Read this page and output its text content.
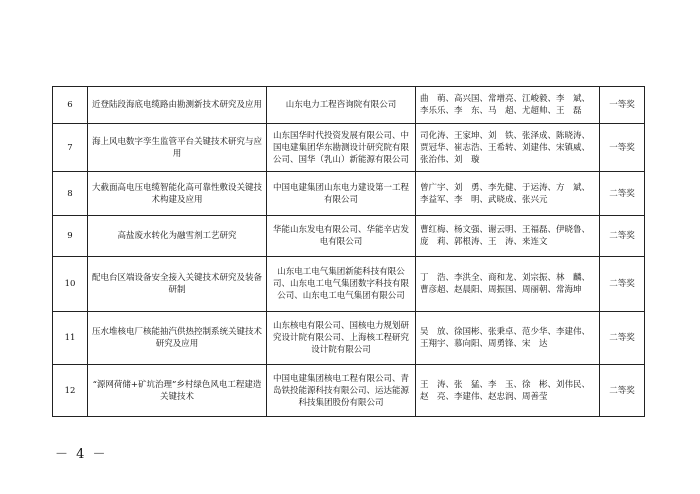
6	近登陆段海底电缆路由勘测新技术研究及应用	山东电力工程咨询院有限公司	曲　萌、高兴国、常增亮、江峻毅、李　斌、李乐乐、李　东、马　超、尤超帅、王　磊	一等奖
7	海上风电数字孪生监管平台关键技术研究与应用	山东国华时代投资发展有限公司、中国电建集团华东勘测设计研究院有限公司、国华（乳山）新能源有限公司	司化涛、王家坤、刘　铁、张泽成、陈晓涛、贾冠华、崔志浩、王希转、刘建伟、宋镇威、张治伟、刘　璇	一等奖
8	大截面高电压电缆智能化高可靠性敷设关键技术构建及应用	中国电建集团山东电力建设第一工程有限公司	曾广宇、刘　勇、李先健、于运涛、方　斌、李益军、李　明、武晓成、张兴元	二等奖
9	高盐废水转化为融雪剂工艺研究	华能山东发电有限公司、华能辛店发电有限公司	曹红梅、杨文强、谢云明、王福磊、伊晓鲁、庞　莉、郭根涛、王　涛、来连文	二等奖
10	配电台区端设备安全接入关键技术研究及装备研制	山东电工电气集团新能科技有限公司、山东电工电气集团数字科技有限公司、山东电工电气集团有限公司	丁　浩、李洪全、商和龙、刘宗振、林　麟、曹彦超、赵晨阳、周振国、周丽朝、常海坤	二等奖
11	压水堆核电厂核能抽汽供热控制系统关键技术研究及应用	山东核电有限公司、国核电力规划研究设计院有限公司、上海核工程研究设计院有限公司	吴　放、徐国彬、张秉卓、范少华、李建伟、王翔宇、慕向阳、周勇锋、宋　达	二等奖
12	“源网荷储+矿坑治理”乡村绿色风电工程建造关键技术	中国电建集团核电工程有限公司、青岛铁投能源科技有限公司、运达能源科技集团股份有限公司	王　涛、张　猛、李　玉、徐　彬、刘伟民、赵　亮、李建伟、赵忠润、周善莹	二等奖
－ 4 －
